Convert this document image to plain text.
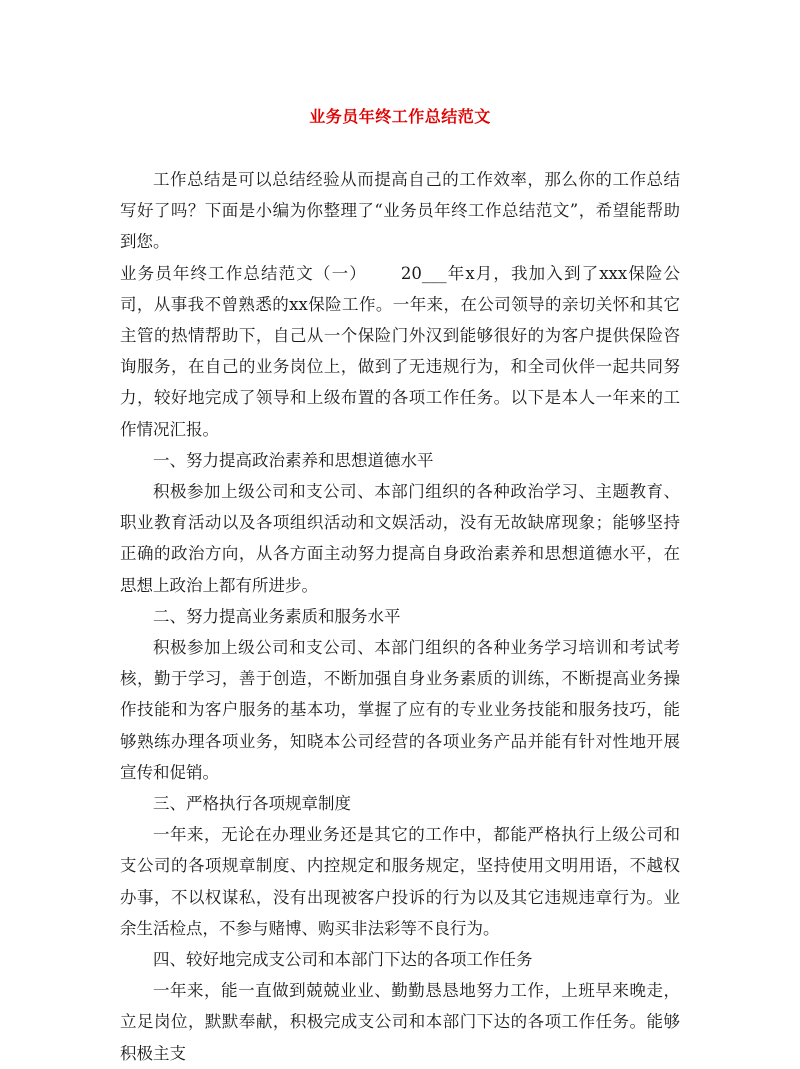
业务员年终工作总结范文

工作总结是可以总结经验从而提高自己的工作效率，那么你的工作总结写好了吗？下面是小编为你整理了“业务员年终工作总结范文”，希望能帮助到您。

业务员年终工作总结范文（一） 20___年x月，我加入到了xxx保险公司，从事我不曾熟悉的xx保险工作。一年来，在公司领导的亲切关怀和其它主管的热情帮助下，自己从一个保险门外汉到能够很好的为客户提供保险咨询服务，在自己的业务岗位上，做到了无违规行为，和全司伙伴一起共同努力，较好地完成了领导和上级布置的各项工作任务。以下是本人一年来的工作情况汇报。

一、努力提高政治素养和思想道德水平

积极参加上级公司和支公司、本部门组织的各种政治学习、主题教育、职业教育活动以及各项组织活动和文娱活动，没有无故缺席现象；能够坚持正确的政治方向，从各方面主动努力提高自身政治素养和思想道德水平，在思想上政治上都有所进步。

二、努力提高业务素质和服务水平

积极参加上级公司和支公司、本部门组织的各种业务学习培训和考试考核，勤于学习，善于创造，不断加强自身业务素质的训练，不断提高业务操作技能和为客户服务的基本功，掌握了应有的专业业务技能和服务技巧，能够熟练办理各项业务，知晓本公司经营的各项业务产品并能有针对性地开展宣传和促销。

三、严格执行各项规章制度

一年来，无论在办理业务还是其它的工作中，都能严格执行上级公司和支公司的各项规章制度、内控规定和服务规定，坚持使用文明用语，不越权办事，不以权谋私，没有出现被客户投诉的行为以及其它违规违章行为。业余生活检点，不参与赌博、购买非法彩等不良行为。

四、较好地完成支公司和本部门下达的各项工作任务

一年来，能一直做到兢兢业业、勤勤恳恳地努力工作，上班早来晚走，立足岗位，默默奉献，积极完成支公司和本部门下达的各项工作任务。能够积极主支
